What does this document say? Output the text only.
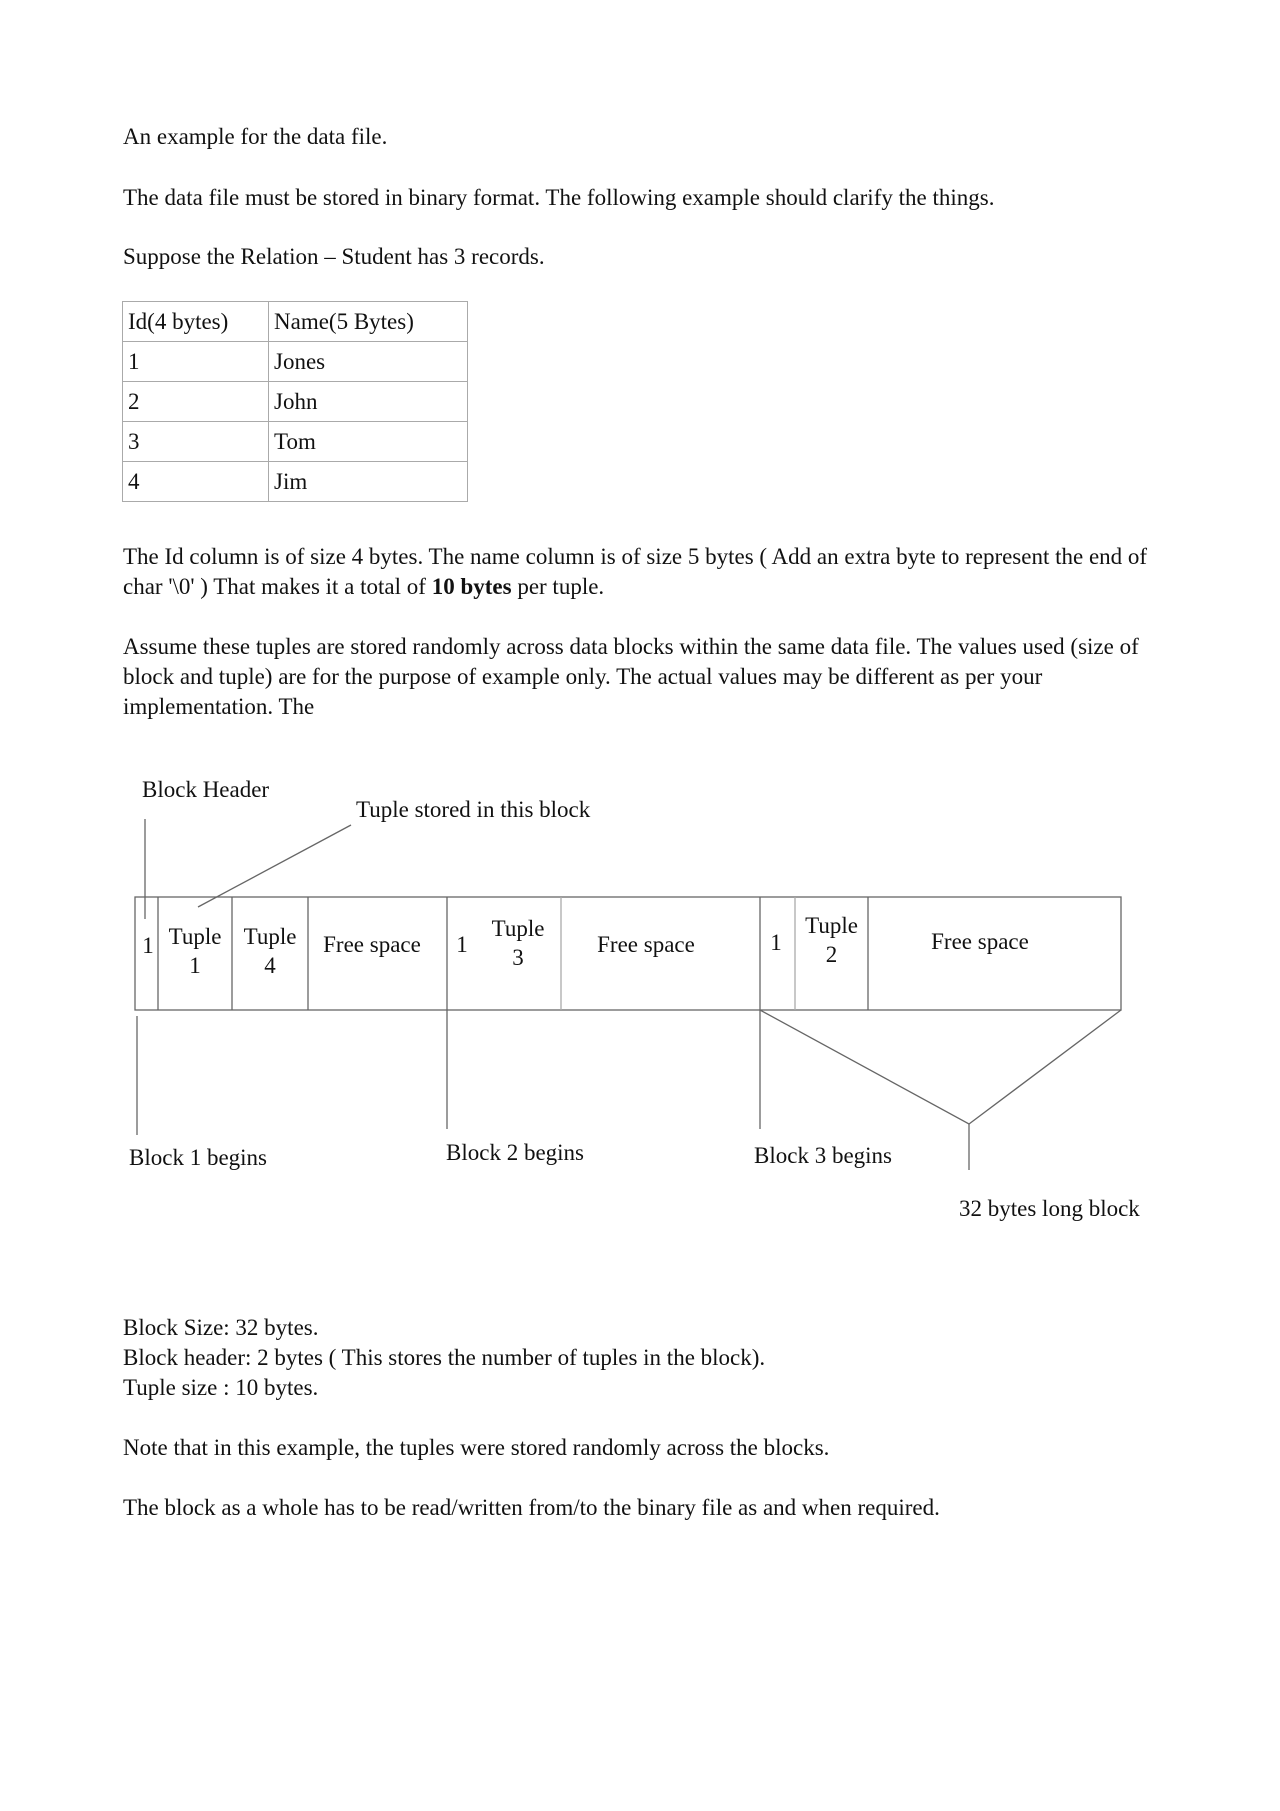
An example for the data file.
The data file must be stored in binary format. The following example should clarify the things.
Suppose the Relation – Student has 3 records.
Id(4 bytes)	Name(5 Bytes)
1	Jones
2	John
3	Tom
4	Jim
The Id column is of size 4 bytes. The name column is of size 5 bytes ( Add an extra byte to represent the end of char '\0' ) That makes it a total of 10 bytes per tuple.
Assume these tuples are stored randomly across data blocks within the same data file. The values used (size of block and tuple) are for the purpose of example only. The actual values may be different as per your implementation. The
Block Header
Tuple stored in this block
1 Tuple
1
Tuple
4
Free space	1
Tuple
3
Free space	1
Tuple
2
Free space
Block 1 begins	Block 2 begins	Block 3 begins
32 bytes long block
Block Size: 32 bytes.
Block header: 2 bytes ( This stores the number of tuples in the block).
Tuple size : 10 bytes.
Note that in this example, the tuples were stored randomly across the blocks.
The block as a whole has to be read/written from/to the binary file as and when required.
